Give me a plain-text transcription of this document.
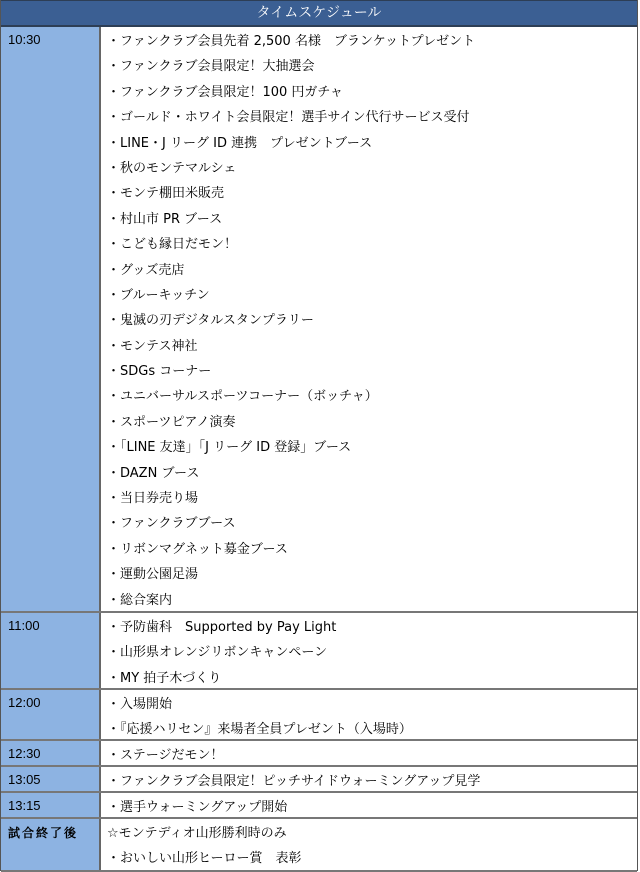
タイムスケジュール
10:30	・ファンクラブ会員先着 2,500 名様　ブランケットプレゼント
・ファンクラブ会員限定！大抽選会
・ファンクラブ会員限定！100 円ガチャ
・ゴールド・ホワイト会員限定！選手サイン代行サービス受付
・LINE・J リーグ ID 連携　プレゼントブース
・秋のモンテマルシェ
・モンテ棚田米販売
・村山市 PR ブース
・こども縁日だモン！
・グッズ売店
・ブルーキッチン
・鬼滅の刃デジタルスタンプラリー
・モンテス神社
・SDGs コーナー
・ユニバーサルスポーツコーナー（ボッチャ）
・スポーツピアノ演奏
・「LINE 友達」「J リーグ ID 登録」ブース
・DAZN ブース
・当日券売り場
・ファンクラブブース
・リボンマグネット募金ブース
・運動公園足湯
・総合案内
11:00	・予防歯科　Supported by Pay Light
・山形県オレンジリボンキャンペーン
・MY 拍子木づくり
12:00	・入場開始
・『応援ハリセン』来場者全員プレゼント（入場時）
12:30	・ステージだモン！
13:05	・ファンクラブ会員限定！ピッチサイドウォーミングアップ見学
13:15	・選手ウォーミングアップ開始
試合終了後	☆モンテディオ山形勝利時のみ
・おいしい山形ヒーロー賞　表彰
